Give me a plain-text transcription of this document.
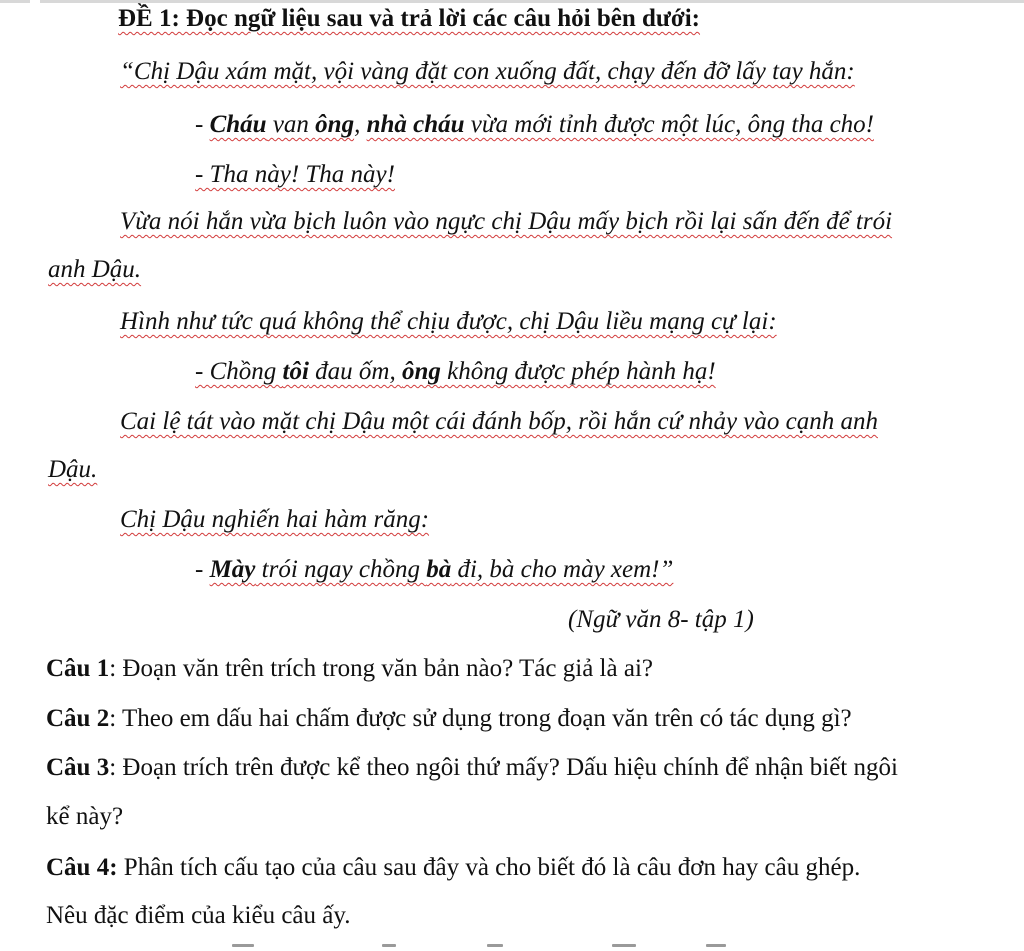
ĐỀ 1: Đọc ngữ liệu sau và trả lời các câu hỏi bên dưới:
“Chị Dậu xám mặt, vội vàng đặt con xuống đất, chạy đến đỡ lấy tay hắn:
- Cháu van ông, nhà cháu vừa mới tỉnh được một lúc, ông tha cho!
- Tha này! Tha này!
Vừa nói hắn vừa bịch luôn vào ngực chị Dậu mấy bịch rồi lại sấn đến để trói
anh Dậu.
Hình như tức quá không thể chịu được, chị Dậu liều mạng cự lại:
- Chồng tôi đau ốm, ông không được phép hành hạ!
Cai lệ tát vào mặt chị Dậu một cái đánh bốp, rồi hắn cứ nhảy vào cạnh anh
Dậu.
Chị Dậu nghiến hai hàm răng:
- Mày trói ngay chồng bà đi, bà cho mày xem!”
(Ngữ văn 8- tập 1)
Câu 1: Đoạn văn trên trích trong văn bản nào? Tác giả là ai?
Câu 2: Theo em dấu hai chấm được sử dụng trong đoạn văn trên có tác dụng gì?
Câu 3: Đoạn trích trên được kể theo ngôi thứ mấy? Dấu hiệu chính để nhận biết ngôi
kể này?
Câu 4: Phân tích cấu tạo của câu sau đây và cho biết đó là câu đơn hay câu ghép.
Nêu đặc điểm của kiểu câu ấy.
